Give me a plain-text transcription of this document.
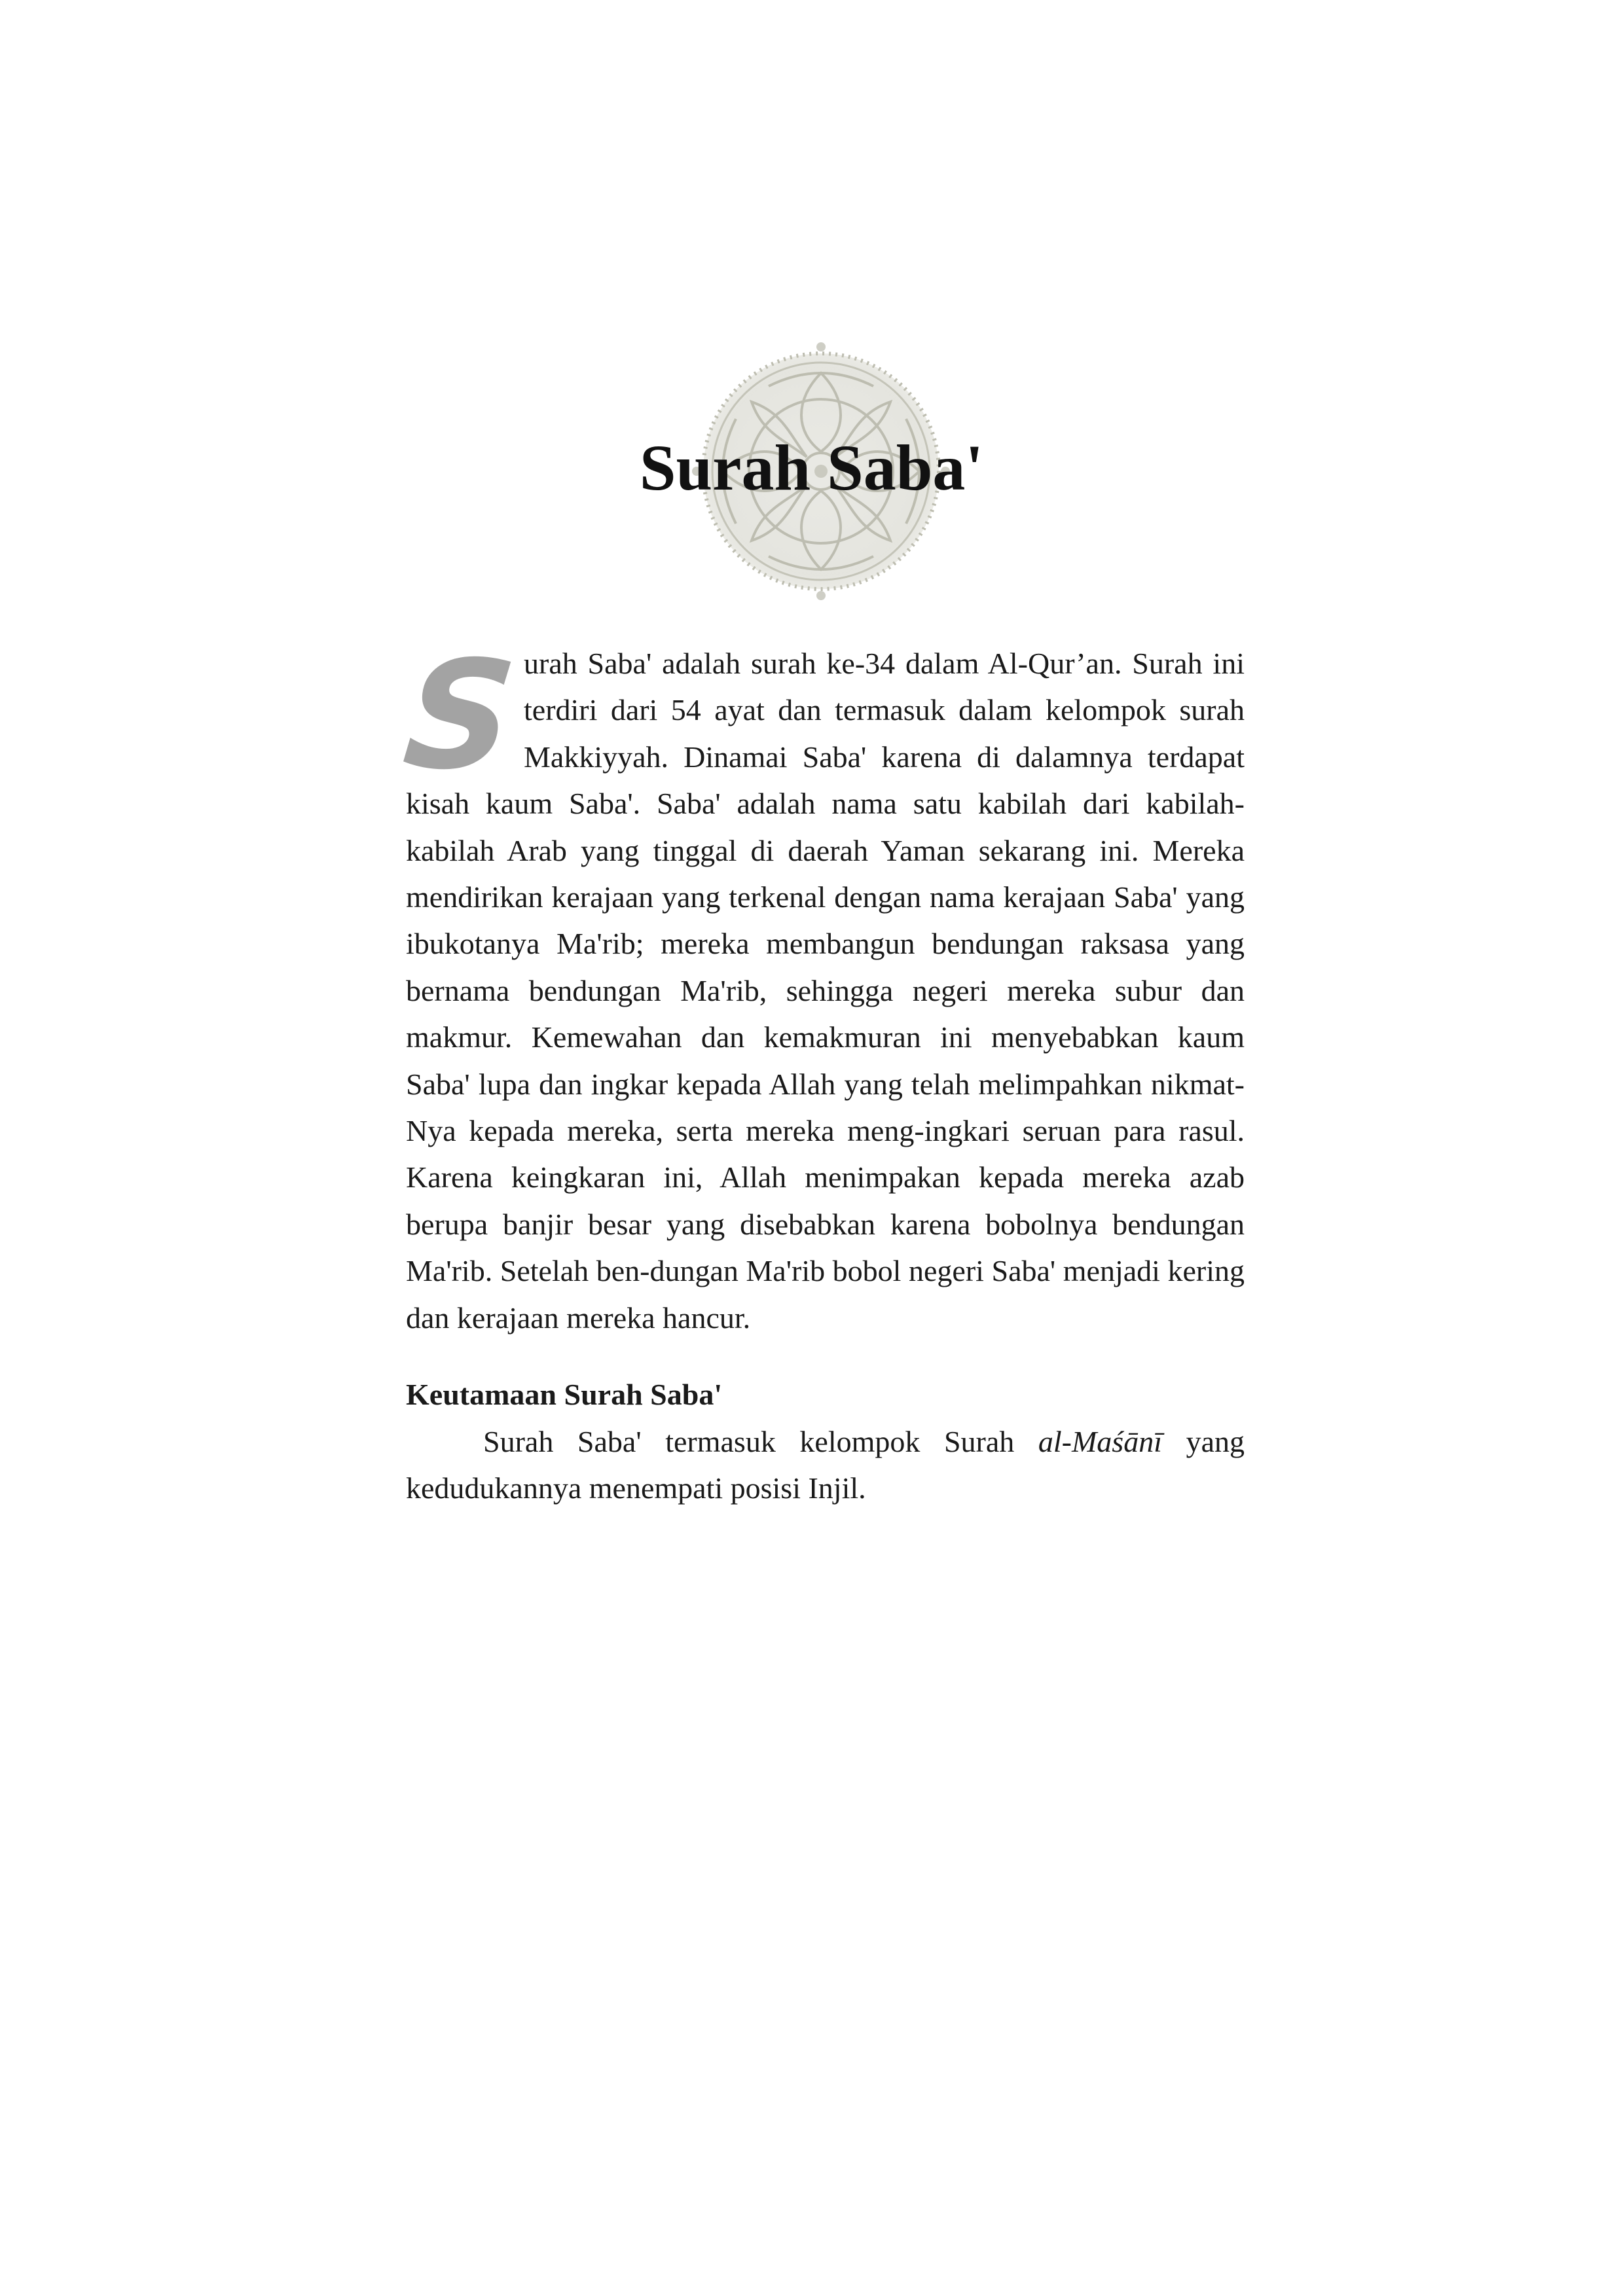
Surah Saba'

S urah Saba' adalah surah ke-34 dalam Al-Qur’an. Surah ini terdiri dari 54 ayat dan termasuk dalam kelompok surah Makkiyyah. Dinamai Saba' karena di dalamnya terdapat kisah kaum Saba'. Saba' adalah nama satu kabilah dari kabilah-kabilah Arab yang tinggal di daerah Yaman sekarang ini. Mereka mendirikan kerajaan yang terkenal dengan nama kerajaan Saba' yang ibukotanya Ma'rib; mereka membangun bendungan raksasa yang bernama bendungan Ma'rib, sehingga negeri mereka subur dan makmur. Kemewahan dan kemakmuran ini menyebabkan kaum Saba' lupa dan ingkar kepada Allah yang telah melimpahkan nikmat-Nya kepada mereka, serta mereka meng-ingkari seruan para rasul. Karena keingkaran ini, Allah menimpakan kepada mereka azab berupa banjir besar yang disebabkan karena bobolnya bendungan Ma'rib. Setelah ben-dungan Ma'rib bobol negeri Saba' menjadi kering dan kerajaan mereka hancur.

Keutamaan Surah Saba'

Surah Saba' termasuk kelompok Surah al-Maśānī yang kedudukannya menempati posisi Injil.
